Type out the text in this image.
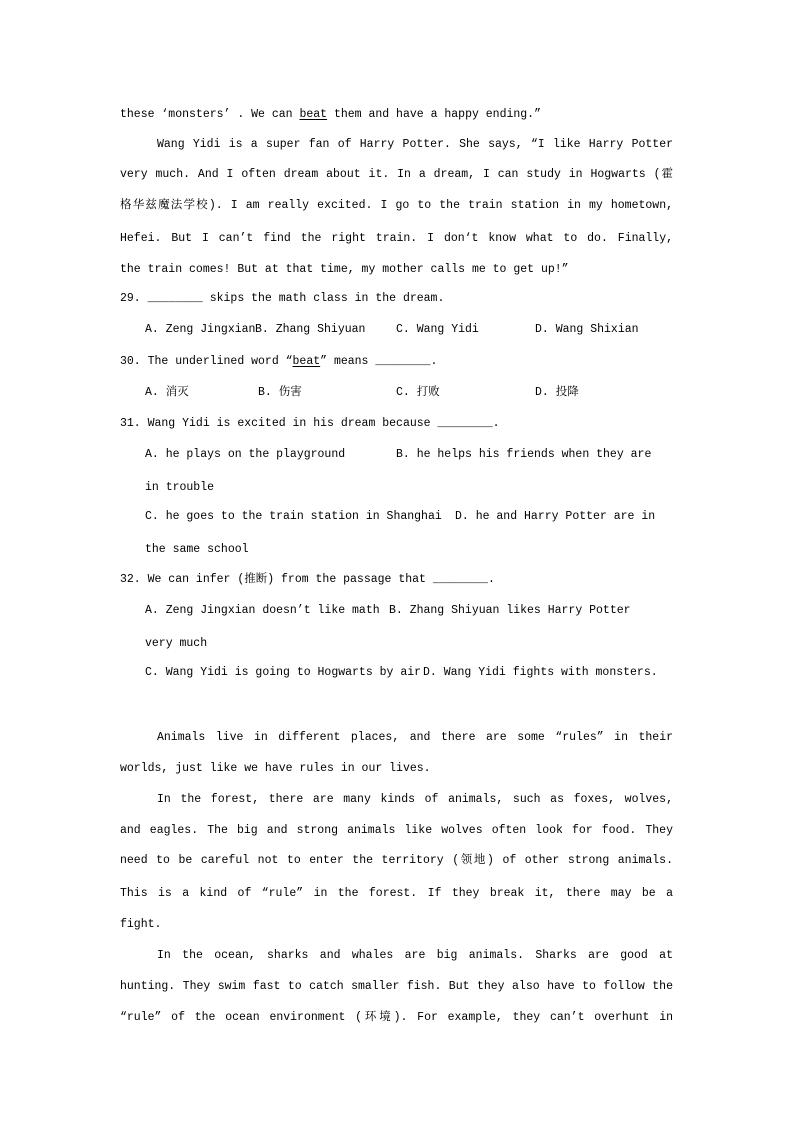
these ‘monsters’ . We can beat them and have a happy ending.”
Wang Yidi is a super fan of Harry Potter. She says, “I like Harry Potter
very much. And I often dream about it. In a dream, I can study in Hogwarts (霍
格华兹魔法学校). I am really excited. I go to the train station in my hometown,
Hefei. But I can’t find the right train. I don‘t know what to do. Finally,
the train comes! But at that time, my mother calls me to get up!”
29. ________ skips the math class in the dream.
A. Zeng Jingxian B. Zhang Shiyuan	C. Wang Yidi	D. Wang Shixian
30. The underlined word “beat” means ________.
A. 消灭	B. 伤害	C. 打败	D. 投降
31. Wang Yidi is excited in his dream because ________.
A. he plays on the playground	B. he helps his friends when they are
in trouble
C. he goes to the train station in Shanghai D. he and Harry Potter are in
the same school
32. We can infer (推断) from the passage that ________.
A. Zeng Jingxian doesn’t like math B. Zhang Shiyuan likes Harry Potter
very much
C. Wang Yidi is going to Hogwarts by air D. Wang Yidi fights with monsters.
Animals live in different places, and there are some “rules” in their
worlds, just like we have rules in our lives.
In the forest, there are many kinds of animals, such as foxes, wolves,
and eagles. The big and strong animals like wolves often look for food. They
need to be careful not to enter the territory (领地) of other strong animals.
This is a kind of “rule” in the forest. If they break it, there may be a
fight.
In the ocean, sharks and whales are big animals. Sharks are good at
hunting. They swim fast to catch smaller fish. But they also have to follow the
“rule” of the ocean environment (环境). For example, they can’t overhunt in
